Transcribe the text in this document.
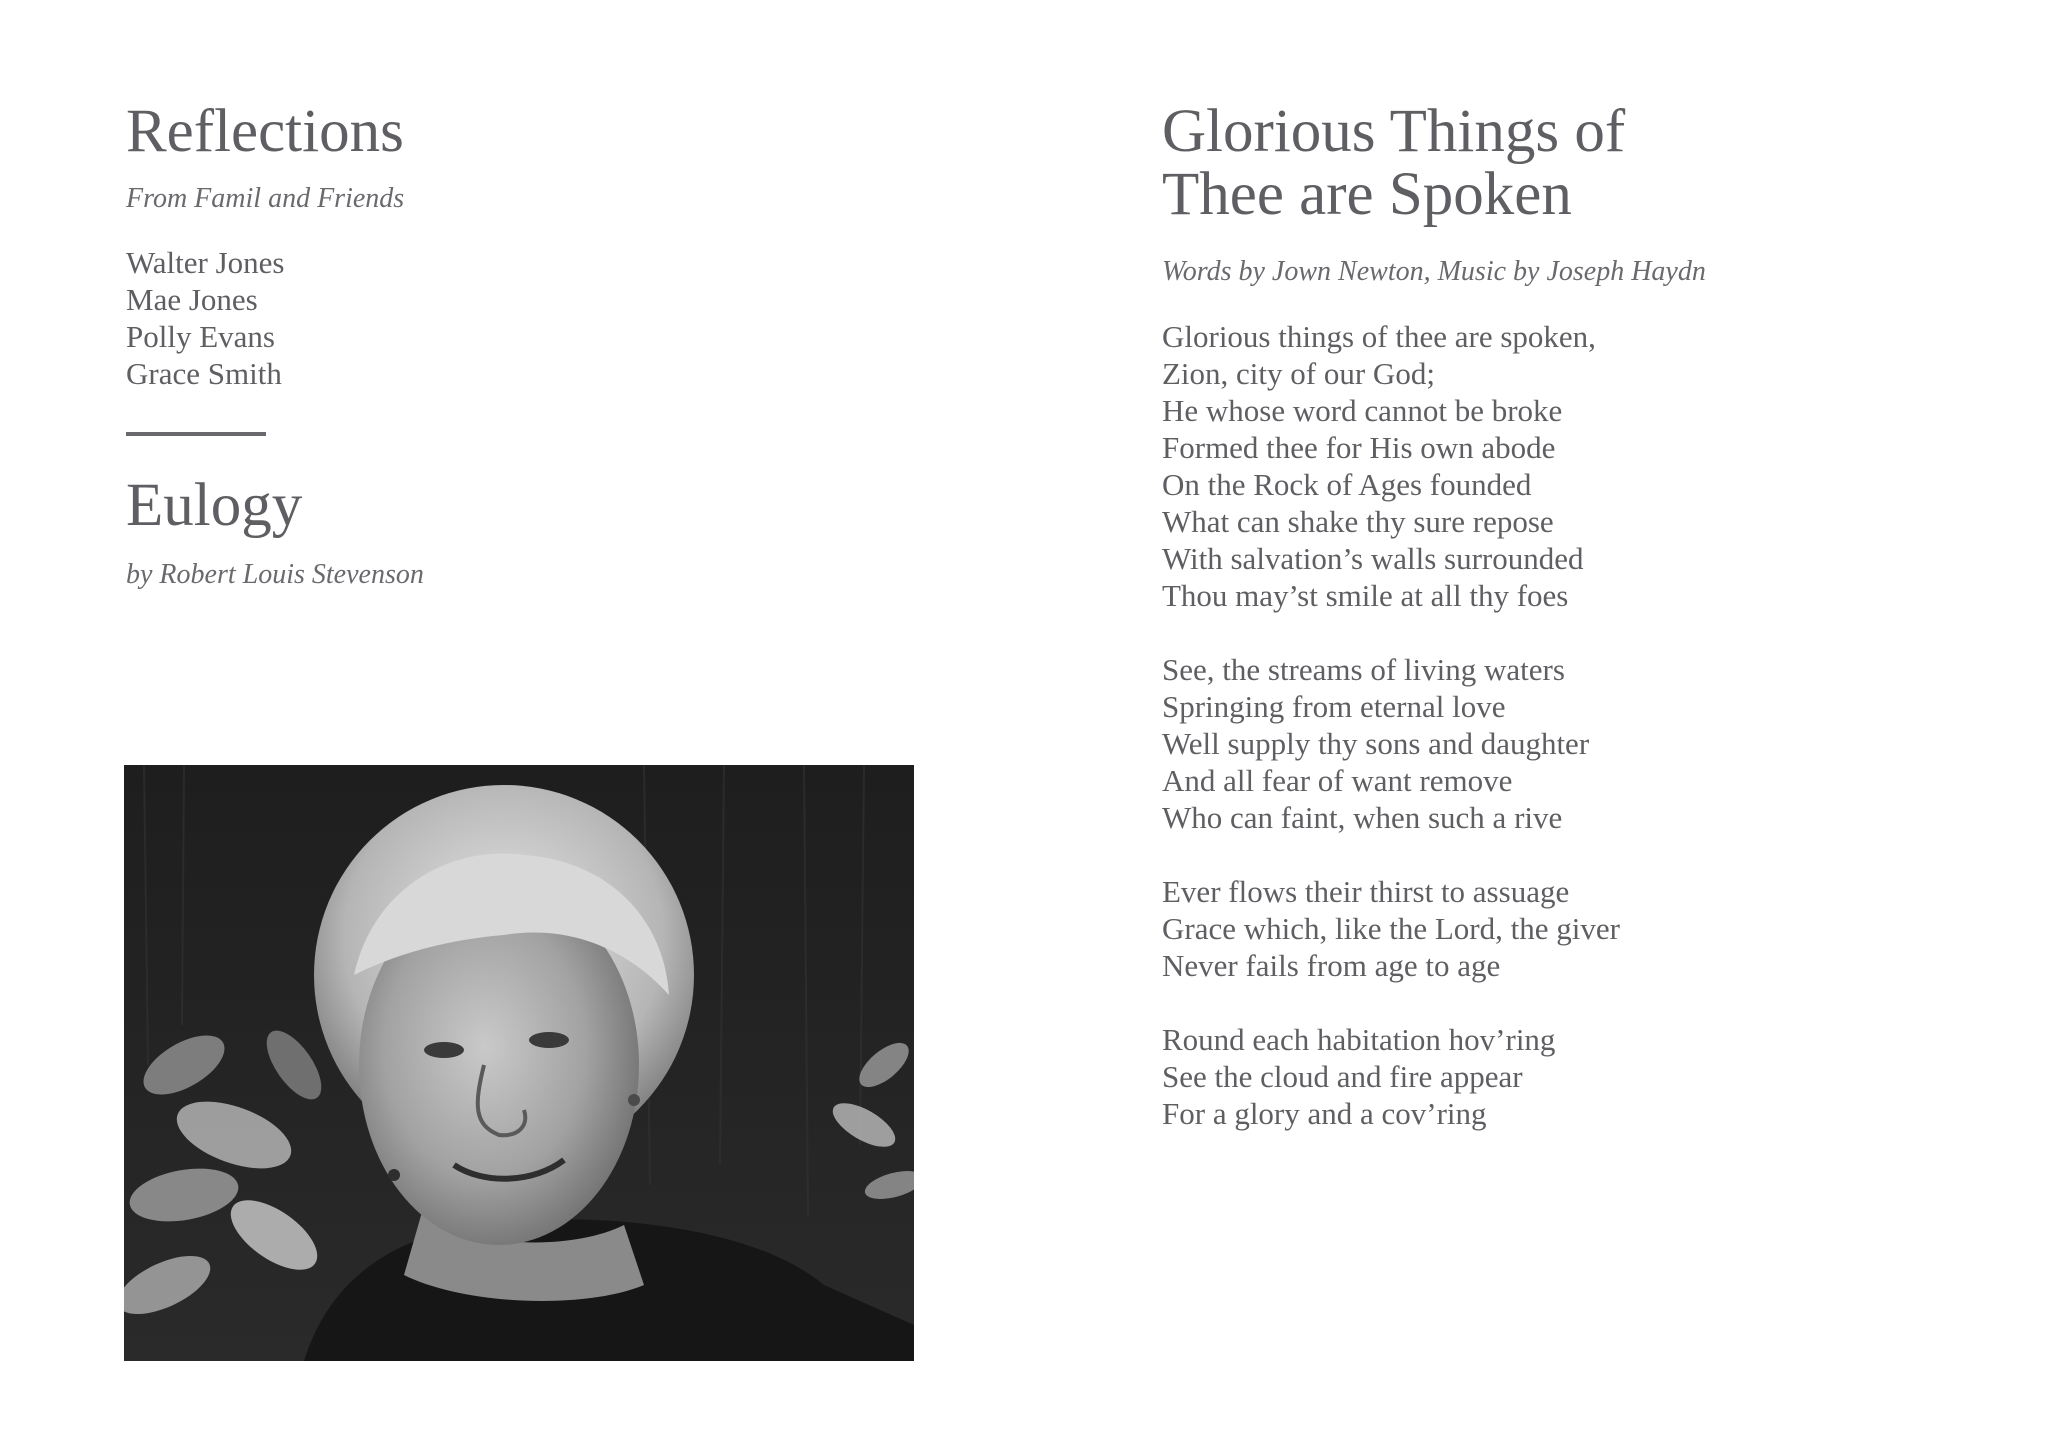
Reflections

From Famil and Friends

Walter Jones
Mae Jones
Polly Evans
Grace Smith
Eulogy

by Robert Louis Stevenson

Glorious Things of
Thee are Spoken

Words by Jown Newton, Music by Joseph Haydn

Glorious things of thee are spoken,
Zion, city of our God;
He whose word cannot be broke
Formed thee for His own abode
On the Rock of Ages founded
What can shake thy sure repose
With salvation’s walls surrounded
Thou may’st smile at all thy foes

See, the streams of living waters
Springing from eternal love
Well supply thy sons and daughter
And all fear of want remove
Who can faint, when such a rive

Ever flows their thirst to assuage
Grace which, like the Lord, the giver
Never fails from age to age

Round each habitation hov’ring
See the cloud and fire appear
For a glory and a cov’ring
